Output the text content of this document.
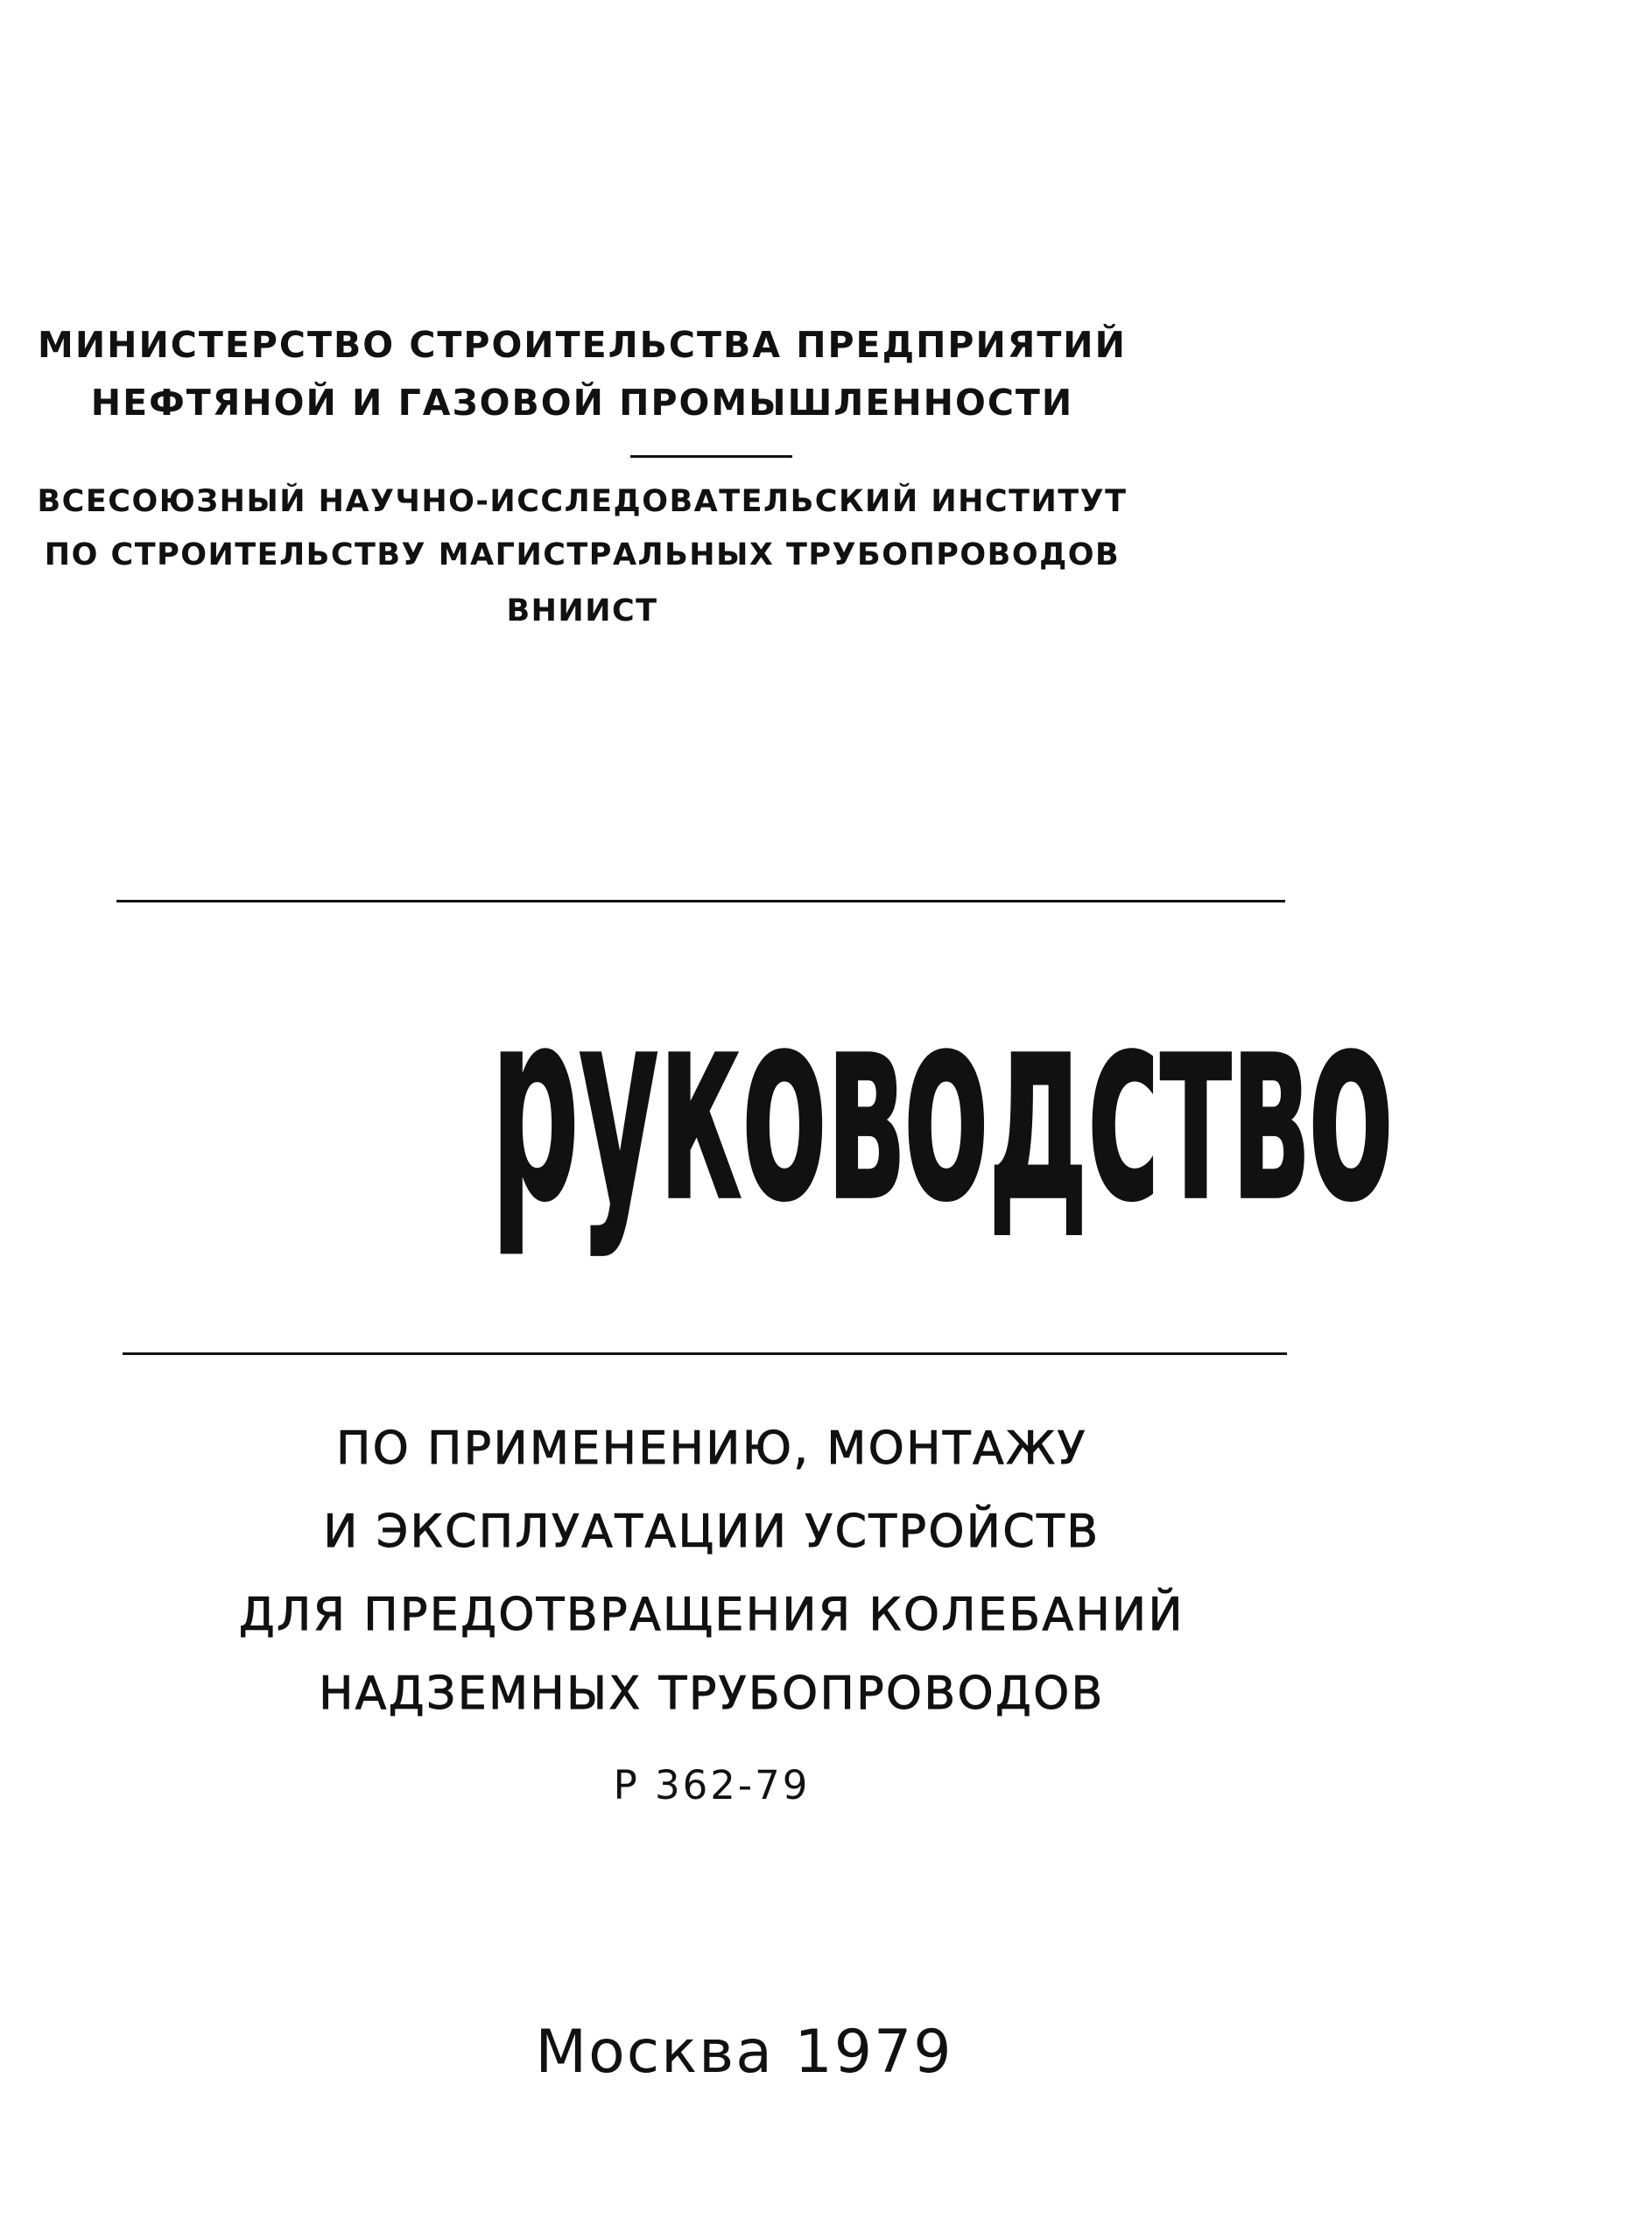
МИНИСТЕРСТВО СТРОИТЕЛЬСТВА ПРЕДПРИЯТИЙ
НЕФТЯНОЙ И ГАЗОВОЙ ПРОМЫШЛЕННОСТИ
ВСЕСОЮЗНЫЙ НАУЧНО-ИССЛЕДОВАТЕЛЬСКИЙ ИНСТИТУТ
ПО СТРОИТЕЛЬСТВУ МАГИСТРАЛЬНЫХ ТРУБОПРОВОДОВ
ВНИИСТ
руководство
ПО ПРИМЕНЕНИЮ, МОНТАЖУ
И ЭКСПЛУАТАЦИИ УСТРОЙСТВ
ДЛЯ ПРЕДОТВРАЩЕНИЯ КОЛЕБАНИЙ
НАДЗЕМНЫХ ТРУБОПРОВОДОВ
Р 362-79
Москва 1979
